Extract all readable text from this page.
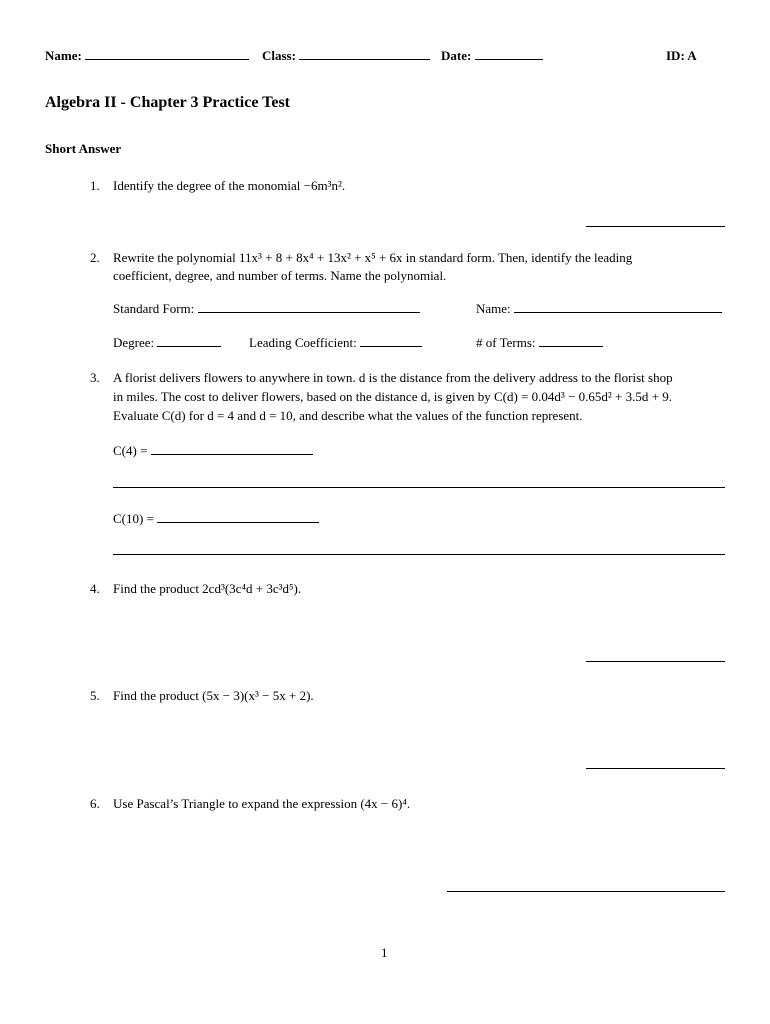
Name:	Class:	Date:	ID: A
Algebra II - Chapter 3 Practice Test
Short Answer
1. Identify the degree of the monomial −6m³n².
2. Rewrite the polynomial 11x³ + 8 + 8x⁴ + 13x² + x⁵ + 6x in standard form. Then, identify the leading
coefficient, degree, and number of terms. Name the polynomial.
Standard Form:	Name:
Degree:	Leading Coefficient:	# of Terms:
3. A florist delivers flowers to anywhere in town. d is the distance from the delivery address to the florist shop
in miles. The cost to deliver flowers, based on the distance d, is given by C(d) = 0.04d³ − 0.65d² + 3.5d + 9.
Evaluate C(d) for d = 4 and d = 10, and describe what the values of the function represent.
C(4) =
C(10) =
4. Find the product 2cd³(3c⁴d + 3c³d⁵).
5. Find the product (5x − 3)(x³ − 5x + 2).
6. Use Pascal’s Triangle to expand the expression (4x − 6)⁴.
1
